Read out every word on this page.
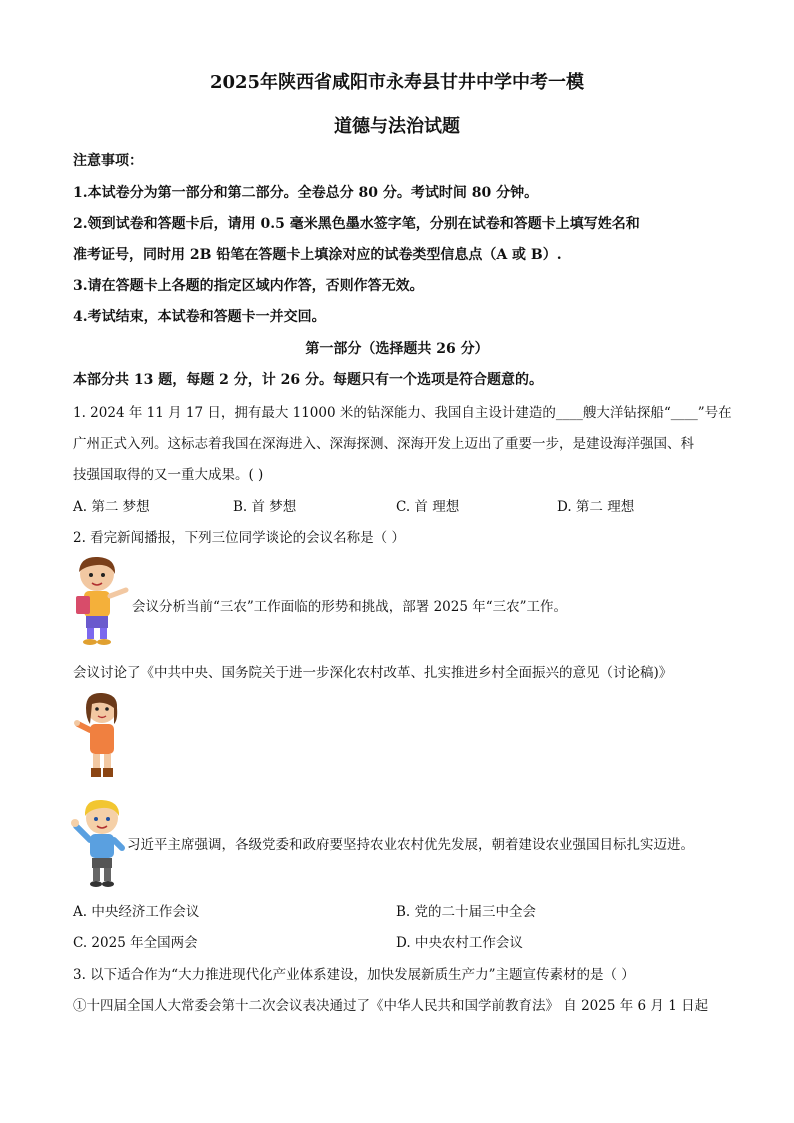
2025年陕西省咸阳市永寿县甘井中学中考一模
道德与法治试题
注意事项：
1.本试卷分为第一部分和第二部分。全卷总分 80 分。考试时间 80 分钟。
2.领到试卷和答题卡后，请用 0.5 毫米黑色墨水签字笔，分别在试卷和答题卡上填写姓名和
准考证号，同时用 2B 铅笔在答题卡上填涂对应的试卷类型信息点（A 或 B）.
3.请在答题卡上各题的指定区域内作答，否则作答无效。
4.考试结束，本试卷和答题卡一并交回。
第一部分（选择题共 26 分）
本部分共 13 题，每题 2 分，计 26 分。每题只有一个选项是符合题意的。
1. 2024 年 11 月 17 日，拥有最大 11000 米的钻深能力、我国自主设计建造的____艘大洋钻探船“____”号在
广州正式入列。这标志着我国在深海进入、深海探测、深海开发上迈出了重要一步，是建设海洋强国、科
技强国取得的又一重大成果。( )
A. 第二 梦想	B. 首 梦想	C. 首 理想	D. 第二 理想
2. 看完新闻播报，下列三位同学谈论的会议名称是（ ）
会议分析当前“三农”工作面临的形势和挑战，部署 2025 年“三农”工作。
会议讨论了《中共中央、国务院关于进一步深化农村改革、扎实推进乡村全面振兴的意见（讨论稿)》
习近平主席强调，各级党委和政府要坚持农业农村优先发展，朝着建设农业强国目标扎实迈进。
A. 中央经济工作会议	B. 党的二十届三中全会
C. 2025 年全国两会	D. 中央农村工作会议
3. 以下适合作为“大力推进现代化产业体系建设，加快发展新质生产力”主题宣传素材的是（ ）
①十四届全国人大常委会第十二次会议表决通过了《中华人民共和国学前教育法》 自 2025 年 6 月 1 日起
